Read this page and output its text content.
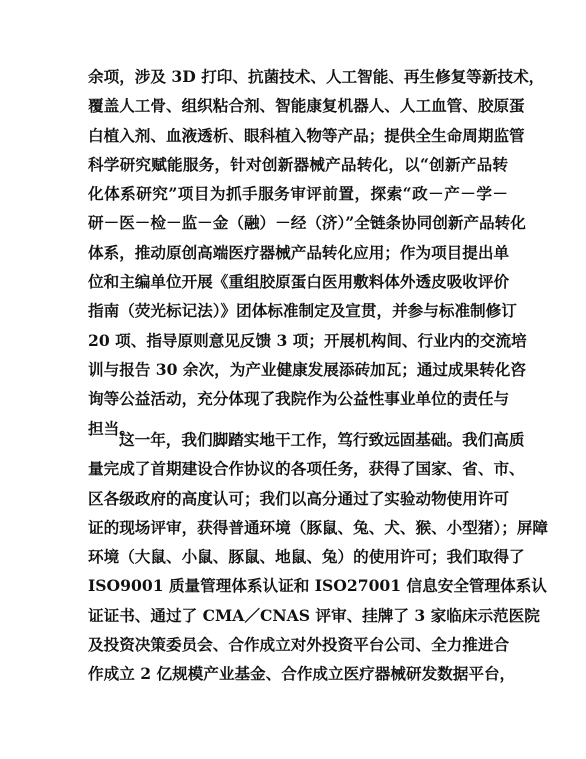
余项，涉及 3D 打印、抗菌技术、人工智能、再生修复等新技术，
覆盖人工骨、组织粘合剂、智能康复机器人、人工血管、胶原蛋
白植入剂、血液透析、眼科植入物等产品；提供全生命周期监管
科学研究赋能服务，针对创新器械产品转化，以“创新产品转
化体系研究”项目为抓手服务审评前置，探索“政－产－学－
研－医－检－监－金（融）－经（济）”全链条协同创新产品转化
体系，推动原创高端医疗器械产品转化应用；作为项目提出单
位和主编单位开展《重组胶原蛋白医用敷料体外透皮吸收评价
指南（荧光标记法）》团体标准制定及宣贯，并参与标准制修订
20 项、指导原则意见反馈 3 项；开展机构间、行业内的交流培
训与报告 30 余次，为产业健康发展添砖加瓦；通过成果转化咨
询等公益活动，充分体现了我院作为公益性事业单位的责任与
担当。
这一年，我们脚踏实地干工作，笃行致远固基础。我们高质
量完成了首期建设合作协议的各项任务，获得了国家、省、市、
区各级政府的高度认可；我们以高分通过了实验动物使用许可
证的现场评审，获得普通环境（豚鼠、兔、犬、猴、小型猪）；屏障
环境（大鼠、小鼠、豚鼠、地鼠、兔）的使用许可；我们取得了
ISO9001 质量管理体系认证和 ISO27001 信息安全管理体系认
证证书、通过了 CMA／CNAS 评审、挂牌了 3 家临床示范医院
及投资决策委员会、合作成立对外投资平台公司、全力推进合
作成立 2 亿规模产业基金、合作成立医疗器械研发数据平台，
